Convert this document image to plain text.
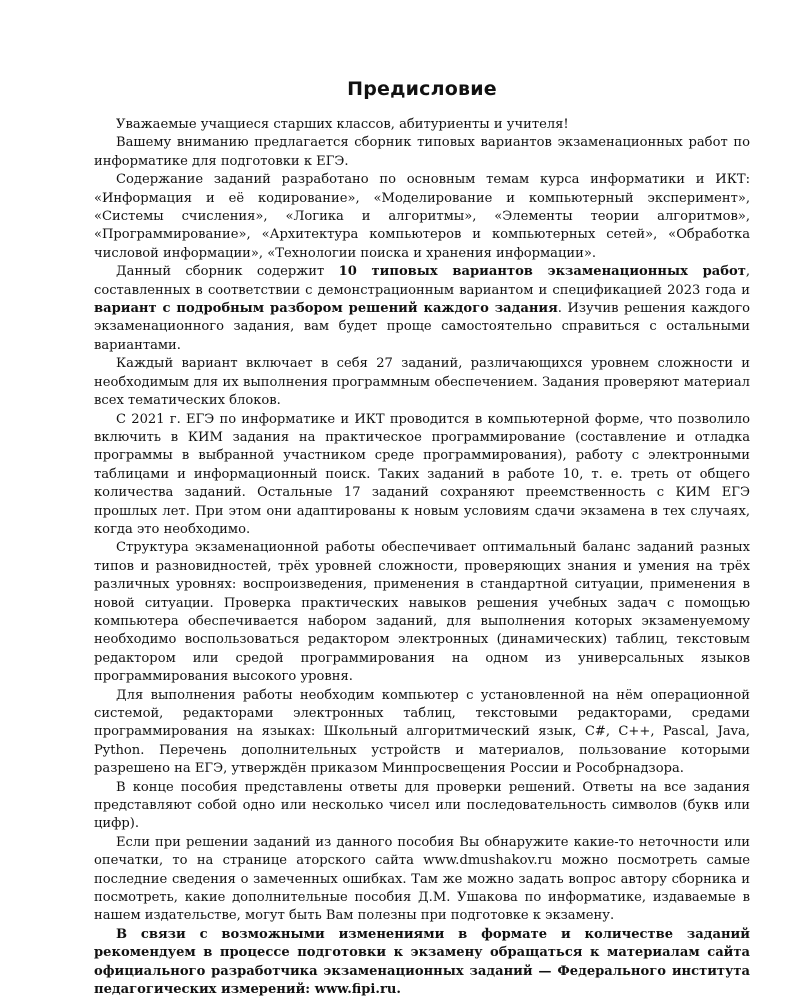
Предисловие

Уважаемые учащиеся старших классов, абитуриенты и учителя!

Вашему вниманию предлагается сборник типовых вариантов экзаменационных работ по информатике для подготовки к ЕГЭ.

Содержание заданий разработано по основным темам курса информатики и ИКТ: «Информация и её кодирование», «Моделирование и компьютерный эксперимент», «Системы счисления», «Логика и алгоритмы», «Элементы теории алгоритмов», «Программирование», «Архитектура компьютеров и компьютерных сетей», «Обработка числовой информации», «Технологии поиска и хранения информации».

Данный сборник содержит 10 типовых вариантов экзаменационных работ, составленных в соответствии с демонстрационным вариантом и спецификацией 2023 года и вариант с подробным разбором решений каждого задания. Изучив решения каждого экзаменационного задания, вам будет проще самостоятельно справиться с остальными вариантами.

Каждый вариант включает в себя 27 заданий, различающихся уровнем сложности и необходимым для их выполнения программным обеспечением. Задания проверяют материал всех тематических блоков.

С 2021 г. ЕГЭ по информатике и ИКТ проводится в компьютерной форме, что позволило включить в КИМ задания на практическое программирование (составление и отладка программы в выбранной участником среде программирования), работу с электронными таблицами и информационный поиск. Таких заданий в работе 10, т. е. треть от общего количества заданий. Остальные 17 заданий сохраняют преемственность с КИМ ЕГЭ прошлых лет. При этом они адаптированы к новым условиям сдачи экзамена в тех случаях, когда это необходимо.

Структура экзаменационной работы обеспечивает оптимальный баланс заданий разных типов и разновидностей, трёх уровней сложности, проверяющих знания и умения на трёх различных уровнях: воспроизведения, применения в стандартной ситуации, применения в новой ситуации. Проверка практических навыков решения учебных задач с помощью компьютера обеспечивается набором заданий, для выполнения которых экзаменуемому необходимо воспользоваться редактором электронных (динамических) таблиц, текстовым редактором или средой программирования на одном из универсальных языков программирования высокого уровня.

Для выполнения работы необходим компьютер с установленной на нём операционной системой, редакторами электронных таблиц, текстовыми редакторами, средами программирования на языках: Школьный алгоритмический язык, C#, C++, Pascal, Java, Python. Перечень дополнительных устройств и материалов, пользование которыми разрешено на ЕГЭ, утверждён приказом Минпросвещения России и Рособрнадзора.

В конце пособия представлены ответы для проверки решений. Ответы на все задания представляют собой одно или несколько чисел или последовательность символов (букв или цифр).

Если при решении заданий из данного пособия Вы обнаружите какие-то неточности или опечатки, то на странице аторского сайта www.dmushakov.ru можно посмотреть самые последние сведения о замеченных ошибках. Там же можно задать вопрос автору сборника и посмотреть, какие дополнительные пособия Д.М. Ушакова по информатике, издаваемые в нашем издательстве, могут быть Вам полезны при подготовке к экзамену.

В связи с возможными изменениями в формате и количестве заданий рекомендуем в процессе подготовки к экзамену обращаться к материалам сайта официального разработчика экзаменационных заданий — Федерального института педагогических измерений: www.fipi.ru.
